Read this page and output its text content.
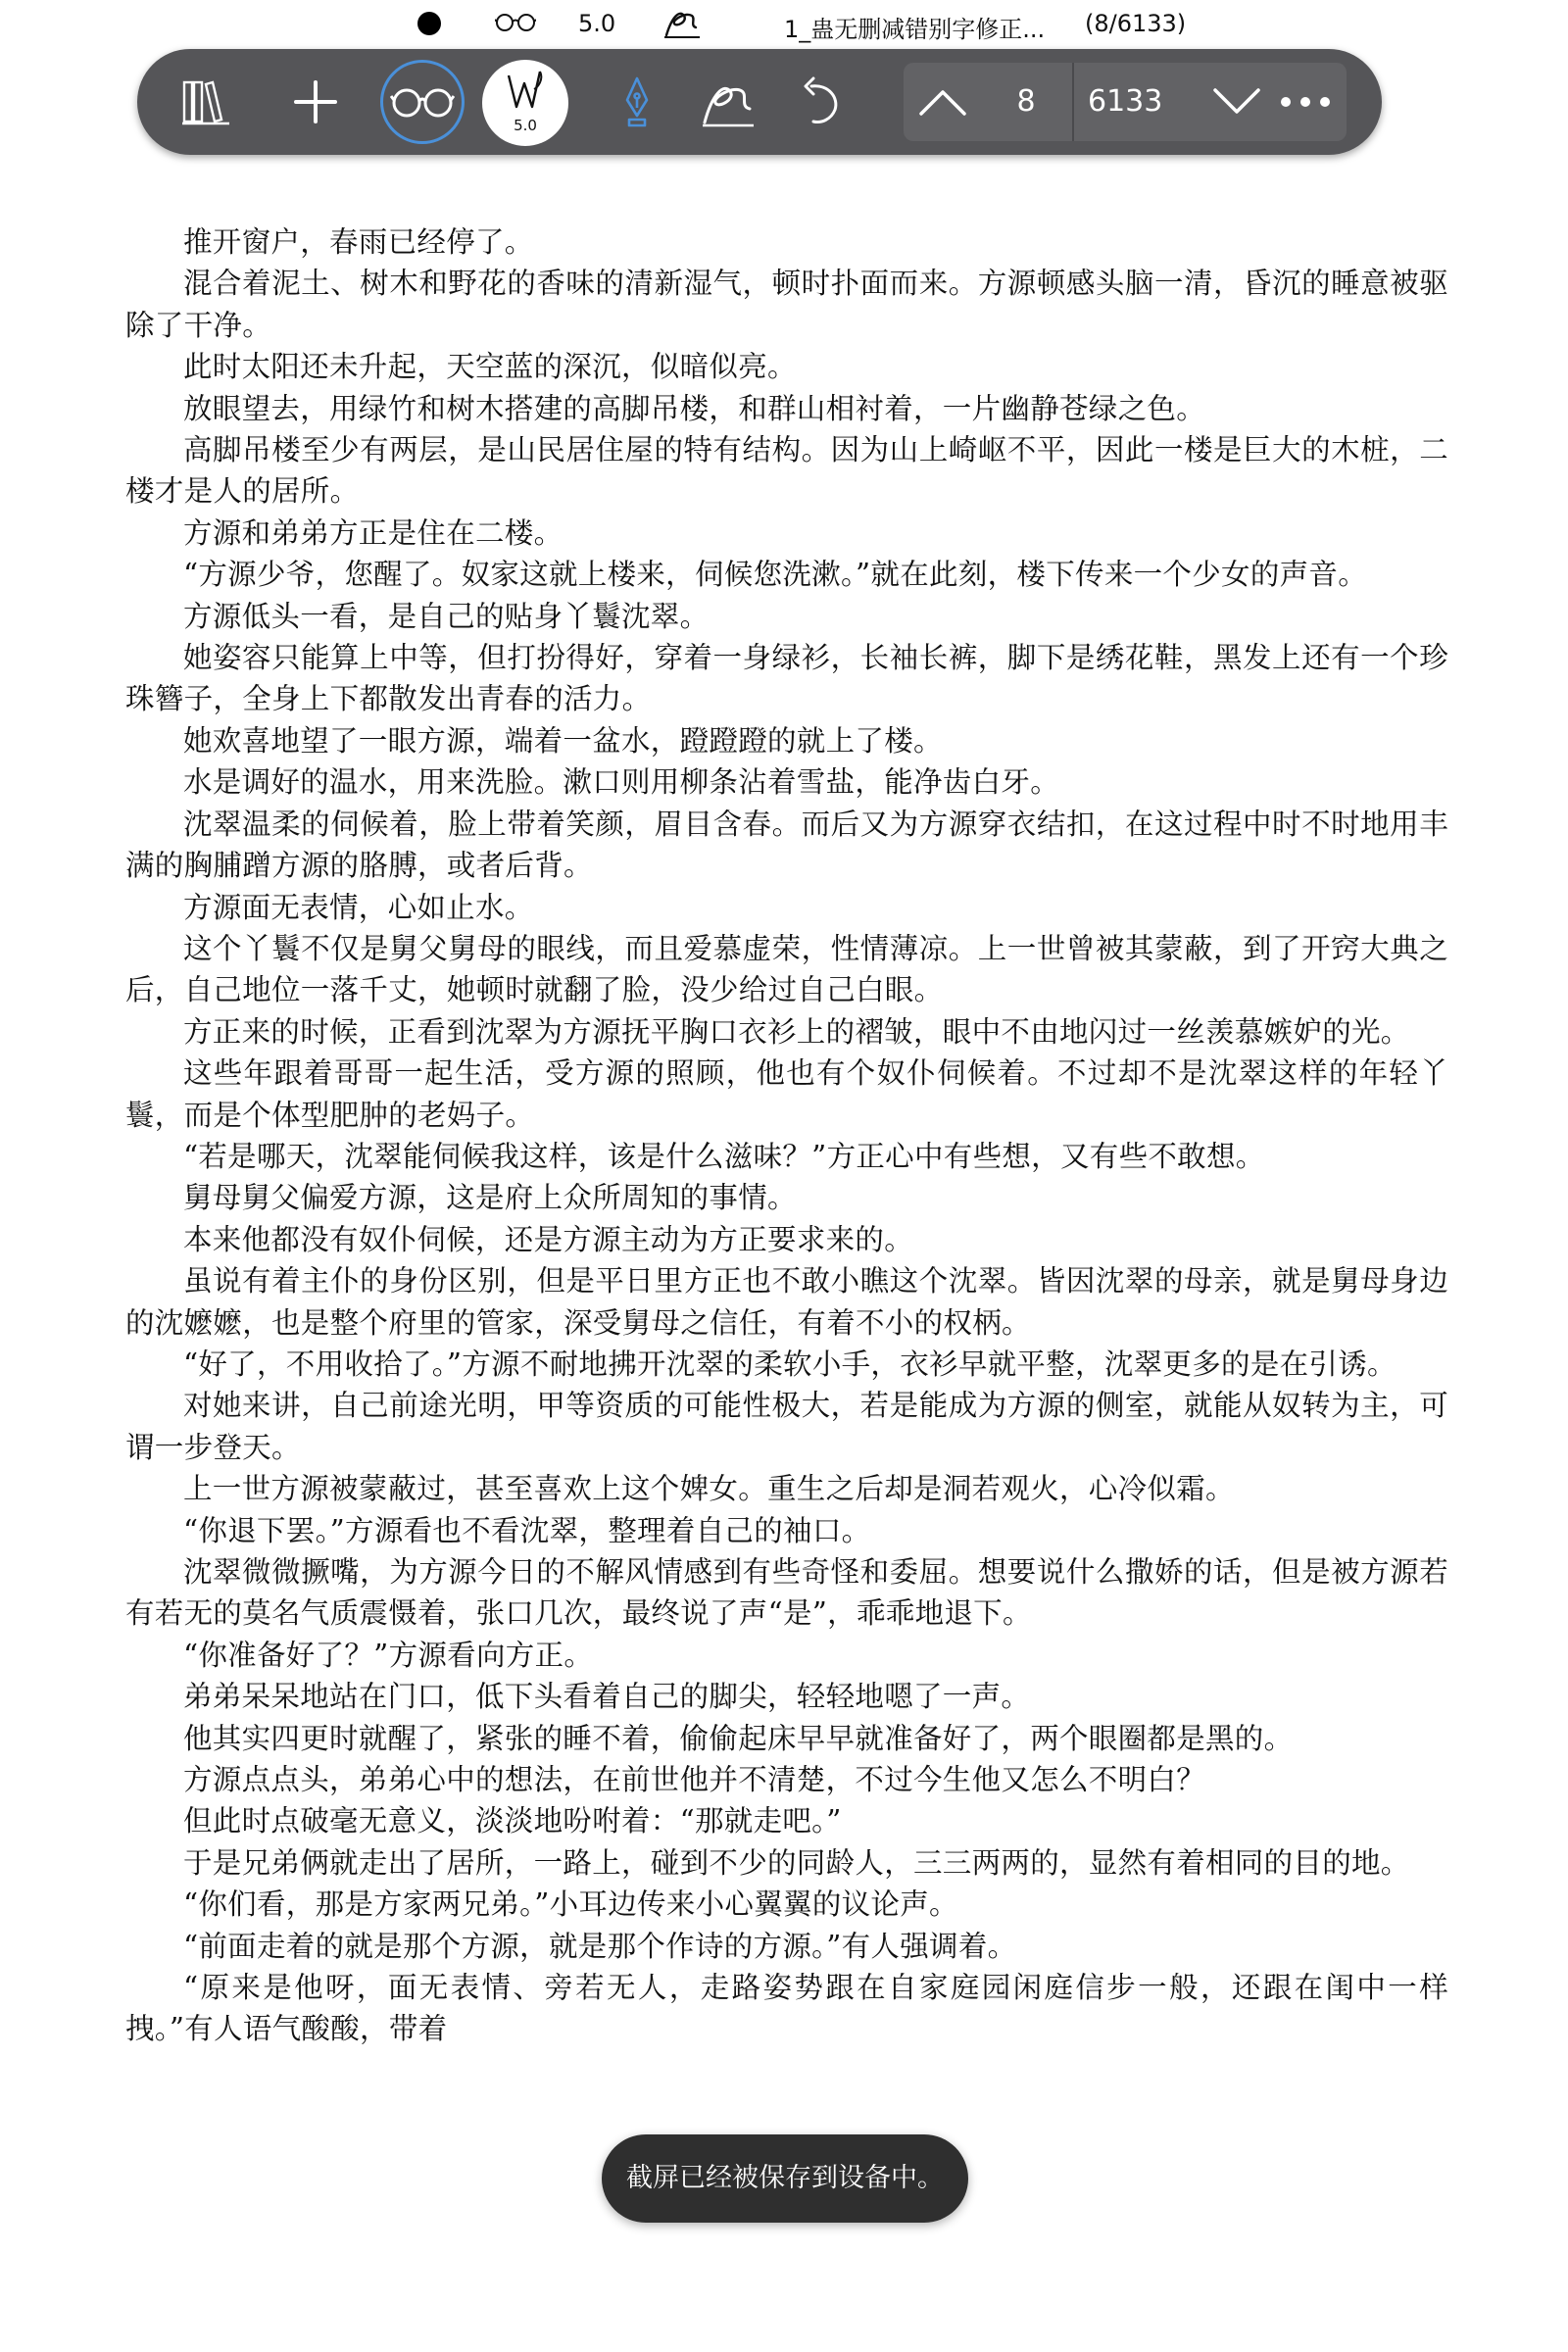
5.0	1_蛊无删减错别字修正... (8/6133)
5.0
8	6133

推开窗户，春雨已经停了。

混合着泥土、树木和野花的香味的清新湿气，顿时扑面而来。方源顿感头脑一清，昏沉的睡意被驱除了干净。

此时太阳还未升起，天空蓝的深沉，似暗似亮。

放眼望去，用绿竹和树木搭建的高脚吊楼，和群山相衬着，一片幽静苍绿之色。

高脚吊楼至少有两层，是山民居住屋的特有结构。因为山上崎岖不平，因此一楼是巨大的木桩，二楼才是人的居所。

方源和弟弟方正是住在二楼。

“方源少爷，您醒了。奴家这就上楼来，伺候您洗漱。”就在此刻，楼下传来一个少女的声音。

方源低头一看，是自己的贴身丫鬟沈翠。

她姿容只能算上中等，但打扮得好，穿着一身绿衫，长袖长裤，脚下是绣花鞋，黑发上还有一个珍珠簪子，全身上下都散发出青春的活力。

她欢喜地望了一眼方源，端着一盆水，蹬蹬蹬的就上了楼。

水是调好的温水，用来洗脸。漱口则用柳条沾着雪盐，能净齿白牙。

沈翠温柔的伺候着，脸上带着笑颜，眉目含春。而后又为方源穿衣结扣，在这过程中时不时地用丰满的胸脯蹭方源的胳膊，或者后背。

方源面无表情，心如止水。

这个丫鬟不仅是舅父舅母的眼线，而且爱慕虚荣，性情薄凉。上一世曾被其蒙蔽，到了开窍大典之后，自己地位一落千丈，她顿时就翻了脸，没少给过自己白眼。

方正来的时候，正看到沈翠为方源抚平胸口衣衫上的褶皱，眼中不由地闪过一丝羡慕嫉妒的光。

这些年跟着哥哥一起生活，受方源的照顾，他也有个奴仆伺候着。不过却不是沈翠这样的年轻丫鬟，而是个体型肥肿的老妈子。

“若是哪天，沈翠能伺候我这样，该是什么滋味？”方正心中有些想，又有些不敢想。

舅母舅父偏爱方源，这是府上众所周知的事情。

本来他都没有奴仆伺候，还是方源主动为方正要求来的。

虽说有着主仆的身份区别，但是平日里方正也不敢小瞧这个沈翠。皆因沈翠的母亲，就是舅母身边的沈嬷嬷，也是整个府里的管家，深受舅母之信任，有着不小的权柄。

“好了，不用收拾了。”方源不耐地拂开沈翠的柔软小手，衣衫早就平整，沈翠更多的是在引诱。

对她来讲，自己前途光明，甲等资质的可能性极大，若是能成为方源的侧室，就能从奴转为主，可谓一步登天。

上一世方源被蒙蔽过，甚至喜欢上这个婢女。重生之后却是洞若观火，心冷似霜。

“你退下罢。”方源看也不看沈翠，整理着自己的袖口。

沈翠微微撅嘴，为方源今日的不解风情感到有些奇怪和委屈。想要说什么撒娇的话，但是被方源若有若无的莫名气质震慑着，张口几次，最终说了声“是”，乖乖地退下。

“你准备好了？”方源看向方正。

弟弟呆呆地站在门口，低下头看着自己的脚尖，轻轻地嗯了一声。

他其实四更时就醒了，紧张的睡不着，偷偷起床早早就准备好了，两个眼圈都是黑的。

方源点点头，弟弟心中的想法，在前世他并不清楚，不过今生他又怎么不明白？

但此时点破毫无意义，淡淡地吩咐着：“那就走吧。”

于是兄弟俩就走出了居所，一路上，碰到不少的同龄人，三三两两的，显然有着相同的目的地。

“你们看，那是方家两兄弟。”小耳边传来小心翼翼的议论声。

“前面走着的就是那个方源，就是那个作诗的方源。”有人强调着。

“原来是他呀，面无表情、旁若无人，走路姿势跟在自家庭园闲庭信步一般，还跟在闺中一样拽。”有人语气酸酸，带着

截屏已经被保存到设备中。
